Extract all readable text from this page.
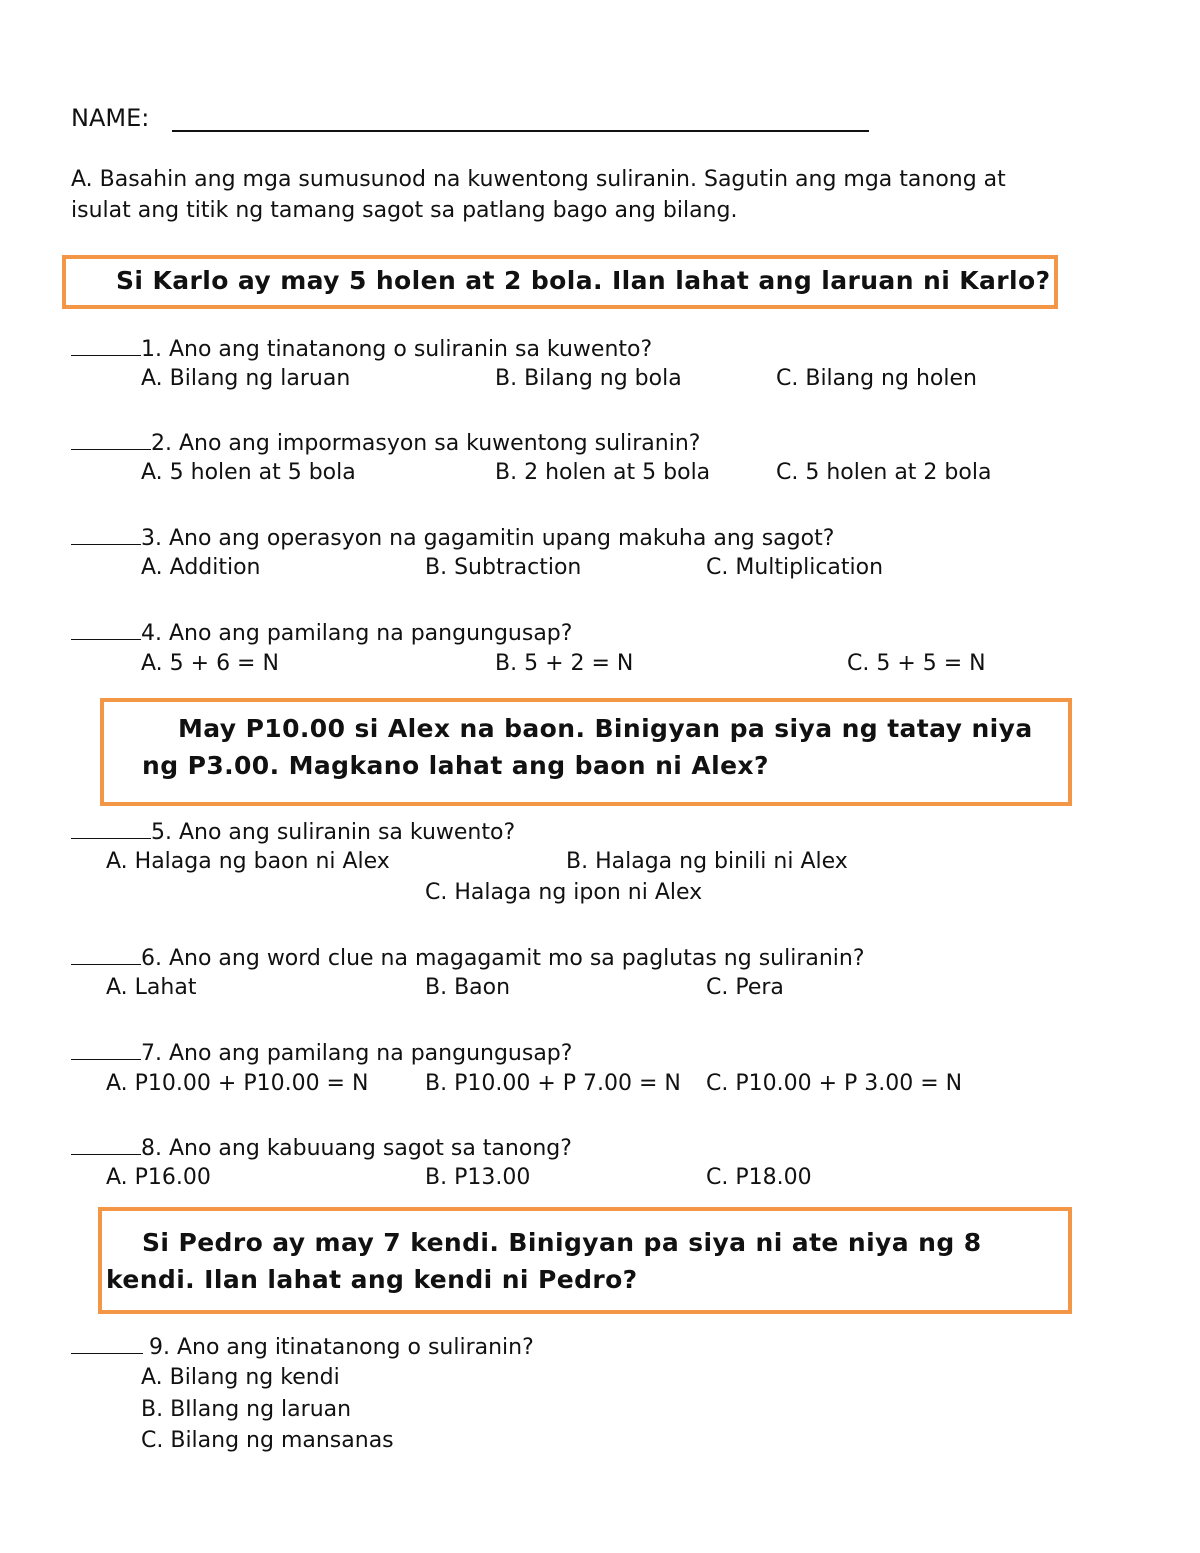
NAME:
A. Basahin ang mga sumusunod na kuwentong suliranin. Sagutin ang mga tanong at
isulat ang titik ng tamang sagot sa patlang bago ang bilang.
Si Karlo ay may 5 holen at 2 bola. Ilan lahat ang laruan ni Karlo?
1. Ano ang tinatanong o suliranin sa kuwento?
A. Bilang ng laruan	B. Bilang ng bola	C. Bilang ng holen
2. Ano ang impormasyon sa kuwentong suliranin?
A. 5 holen at 5 bola	B. 2 holen at 5 bola	C. 5 holen at 2 bola
3. Ano ang operasyon na gagamitin upang makuha ang sagot?
A. Addition	B. Subtraction	C. Multiplication
4. Ano ang pamilang na pangungusap?
A. 5 + 6 = N	B. 5 + 2 = N	C. 5 + 5 = N
May P10.00 si Alex na baon. Binigyan pa siya ng tatay niya
ng P3.00. Magkano lahat ang baon ni Alex?
5. Ano ang suliranin sa kuwento?
A. Halaga ng baon ni Alex	B. Halaga ng binili ni Alex
C. Halaga ng ipon ni Alex
6. Ano ang word clue na magagamit mo sa paglutas ng suliranin?
A. Lahat	B. Baon	C. Pera
7. Ano ang pamilang na pangungusap?
A. P10.00 + P10.00 = N	B. P10.00 + P 7.00 = N C. P10.00 + P 3.00 = N
8. Ano ang kabuuang sagot sa tanong?
A. P16.00	B. P13.00	C. P18.00
Si Pedro ay may 7 kendi. Binigyan pa siya ni ate niya ng 8
kendi. Ilan lahat ang kendi ni Pedro?
9. Ano ang itinatanong o suliranin?
A. Bilang ng kendi
B. BIlang ng laruan
C. Bilang ng mansanas
